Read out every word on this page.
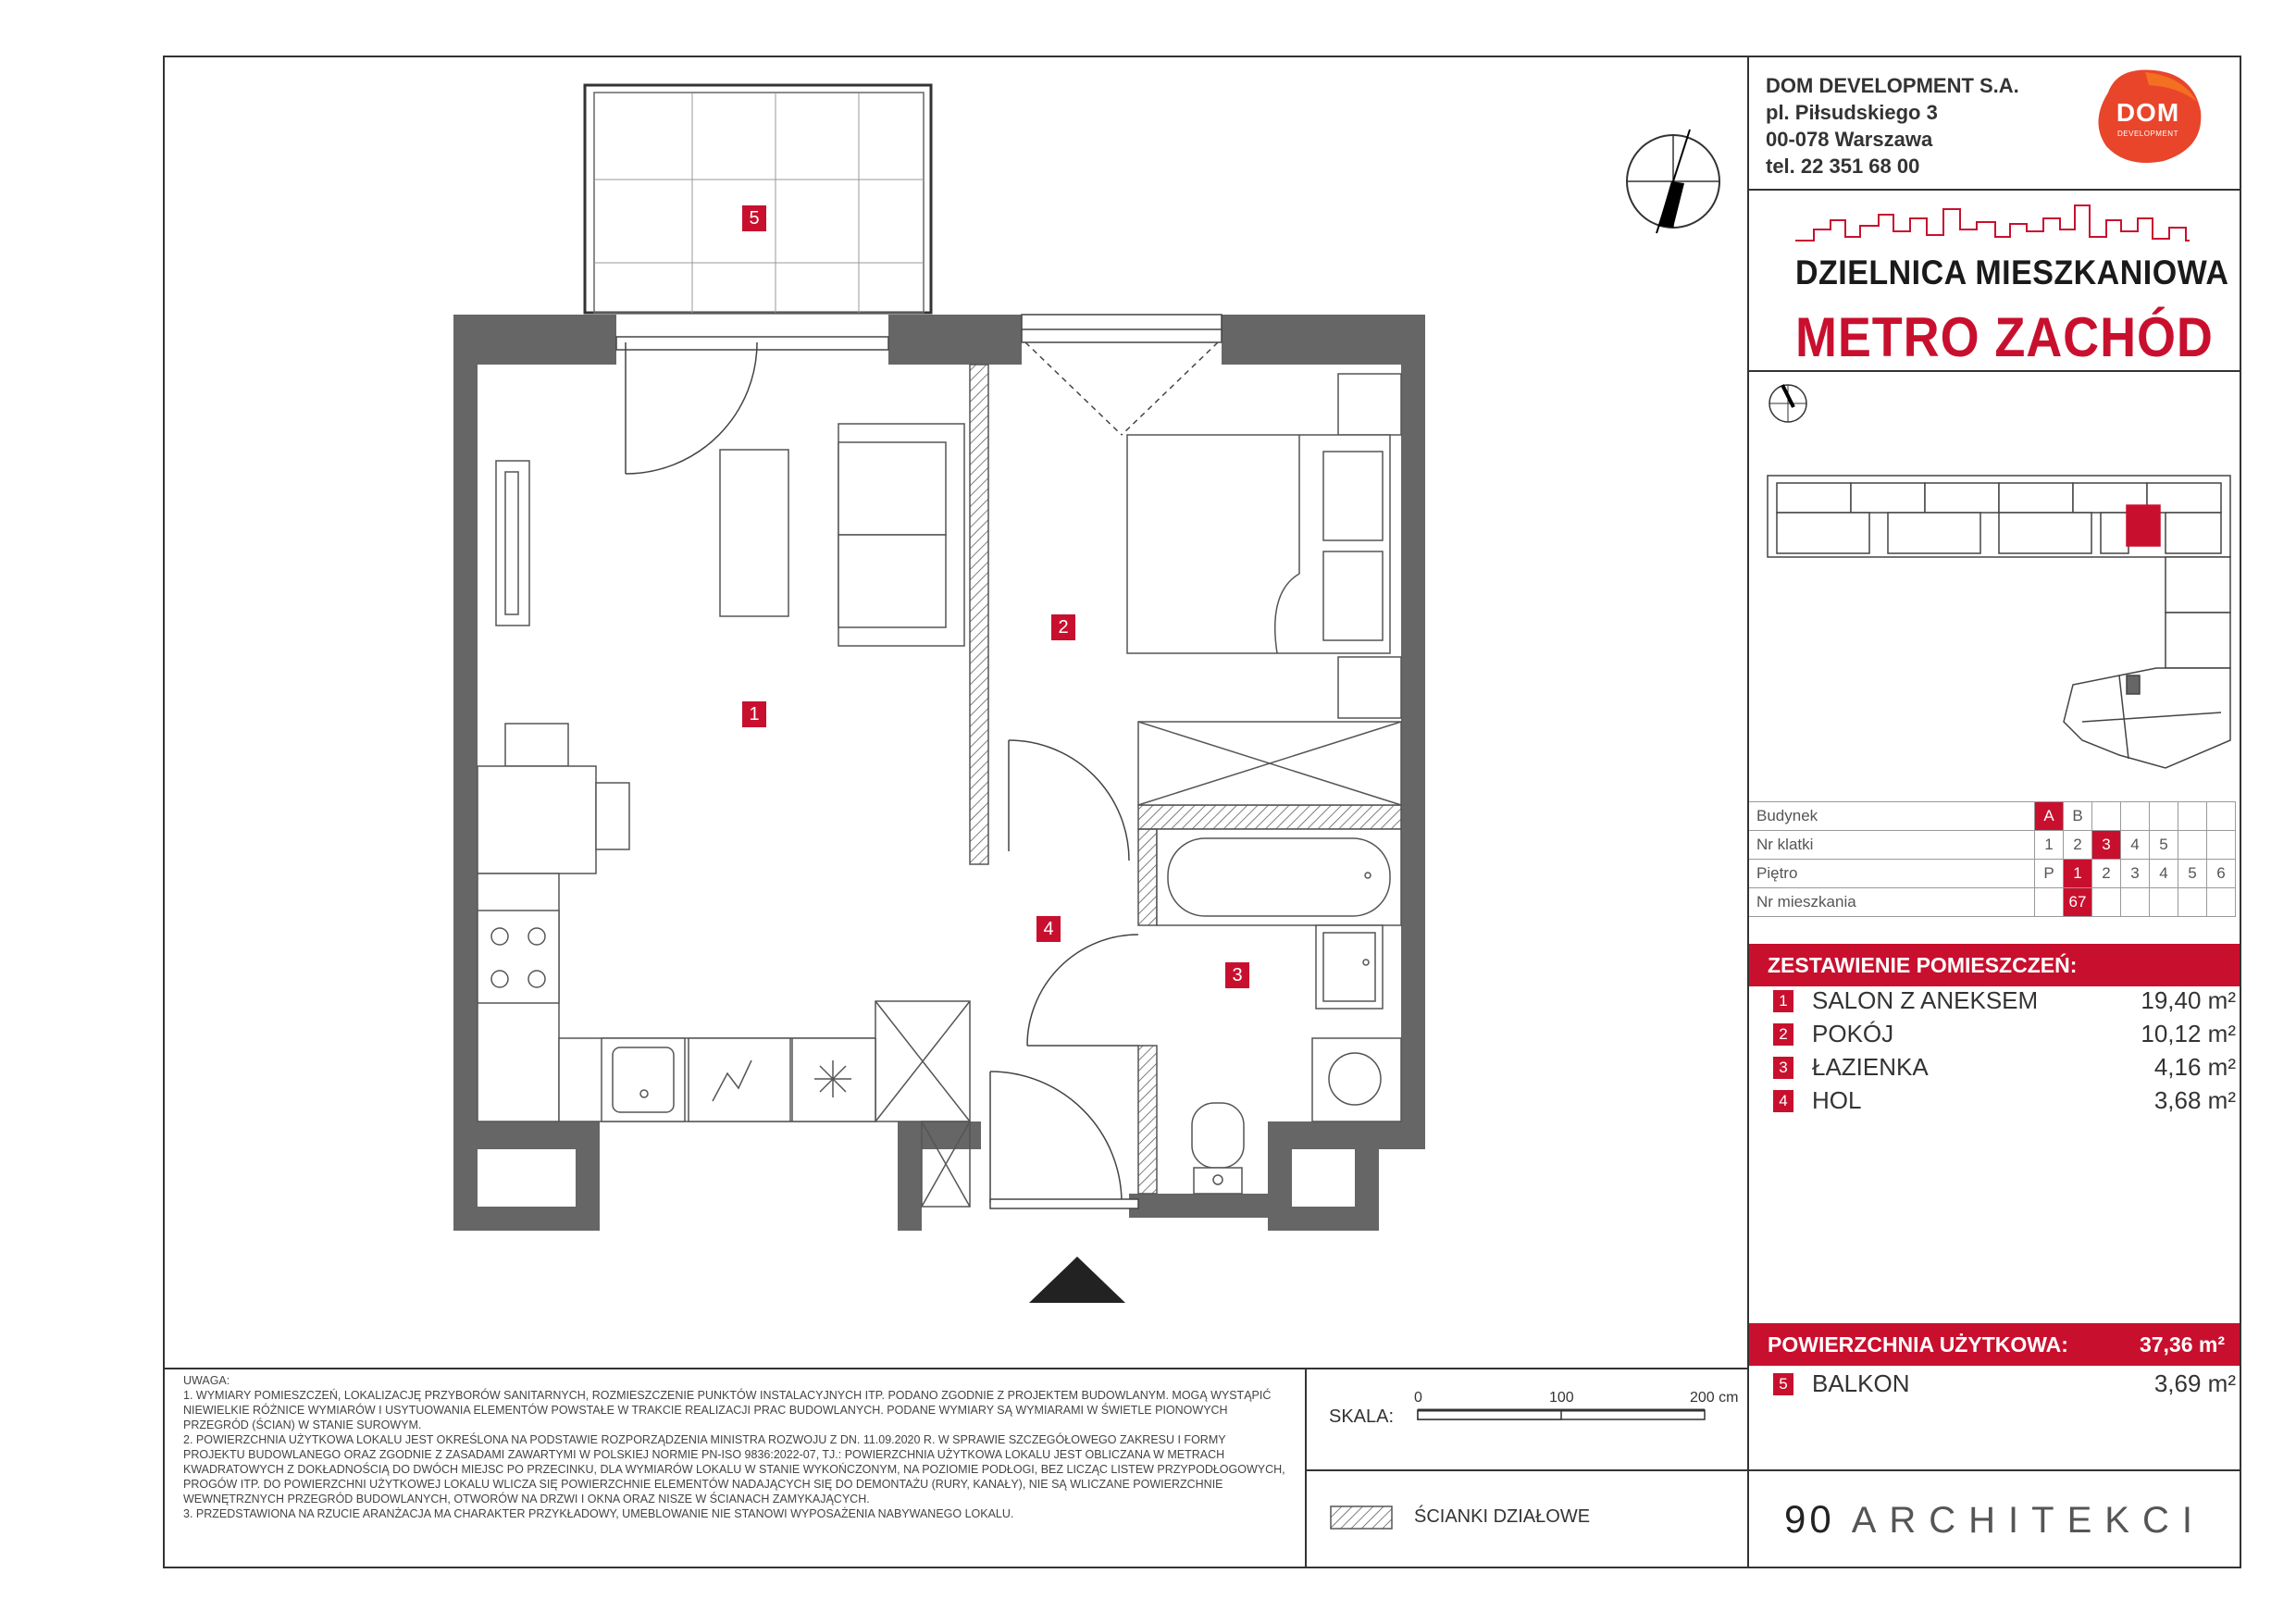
DOM DEVELOPMENT S.A.
pl. Piłsudskiego 3
00-078 Warszawa
tel. 22 351 68 00
DOM
DEVELOPMENT
DZIELNICA MIESZKANIOWA
METRO ZACHÓD
5
1
2
3
4
Budynek	A	B					
Nr klatki	1	2	3	4	5		
Piętro	P	1	2	3	4	5	6
Nr mieszkania		67					
ZESTAWIENIE POMIESZCZEŃ:
1 SALON Z ANEKSEM	19,40 m²
2 POKÓJ	10,12 m²
3 ŁAZIENKA	4,16 m²
4 HOL	3,68 m²
POWIERZCHNIA UŻYTKOWA:	37,36 m²
5 BALKON	3,69 m²

UWAGA:

1. WYMIARY POMIESZCZEŃ, LOKALIZACJĘ PRZYBORÓW SANITARNYCH, ROZMIESZCZENIE PUNKTÓW INSTALACYJNYCH ITP. PODANO ZGODNIE Z PROJEKTEM BUDOWLANYM. MOGĄ WYSTĄPIĆ NIEWIELKIE RÓŻNICE WYMIARÓW I USYTUOWANIA ELEMENTÓW POWSTAŁE W TRAKCIE REALIZACJI PRAC BUDOWLANYCH. PODANE WYMIARY SĄ WYMIARAMI W ŚWIETLE PIONOWYCH PRZEGRÓD (ŚCIAN) W STANIE SUROWYM.

2. POWIERZCHNIA UŻYTKOWA LOKALU JEST OKREŚLONA NA PODSTAWIE ROZPORZĄDZENIA MINISTRA ROZWOJU Z DN. 11.09.2020 R. W SPRAWIE SZCZEGÓŁOWEGO ZAKRESU I FORMY PROJEKTU BUDOWLANEGO ORAZ ZGODNIE Z ZASADAMI ZAWARTYMI W POLSKIEJ NORMIE PN-ISO 9836:2022-07, TJ.: POWIERZCHNIA UŻYTKOWA LOKALU JEST OBLICZANA W METRACH KWADRATOWYCH Z DOKŁADNOŚCIĄ DO DWÓCH MIEJSC PO PRZECINKU, DLA WYMIARÓW LOKALU W STANIE WYKOŃCZONYM, NA POZIOMIE PODŁOGI, BEZ LICZĄC LISTEW PRZYPODŁOGOWYCH, PROGÓW ITP. DO POWIERZCHNI UŻYTKOWEJ LOKALU WLICZA SIĘ POWIERZCHNIE ELEMENTÓW NADAJĄCYCH SIĘ DO DEMONTAŻU (RURY, KANAŁY), NIE SĄ WLICZANE POWIERZCHNIE WEWNĘTRZNYCH PRZEGRÓD BUDOWLANYCH, OTWORÓW NA DRZWI I OKNA ORAZ NISZE W ŚCIANACH ZAMYKAJĄCYCH.

3. PRZEDSTAWIONA NA RZUCIE ARANŻACJA MA CHARAKTER PRZYKŁADOWY, UMEBLOWANIE NIE STANOWI WYPOSAŻENIA NABYWANEGO LOKALU.

SKALA:
0	100	200 cm
ŚCIANKI DZIAŁOWE	90 ARCHITEKCI
